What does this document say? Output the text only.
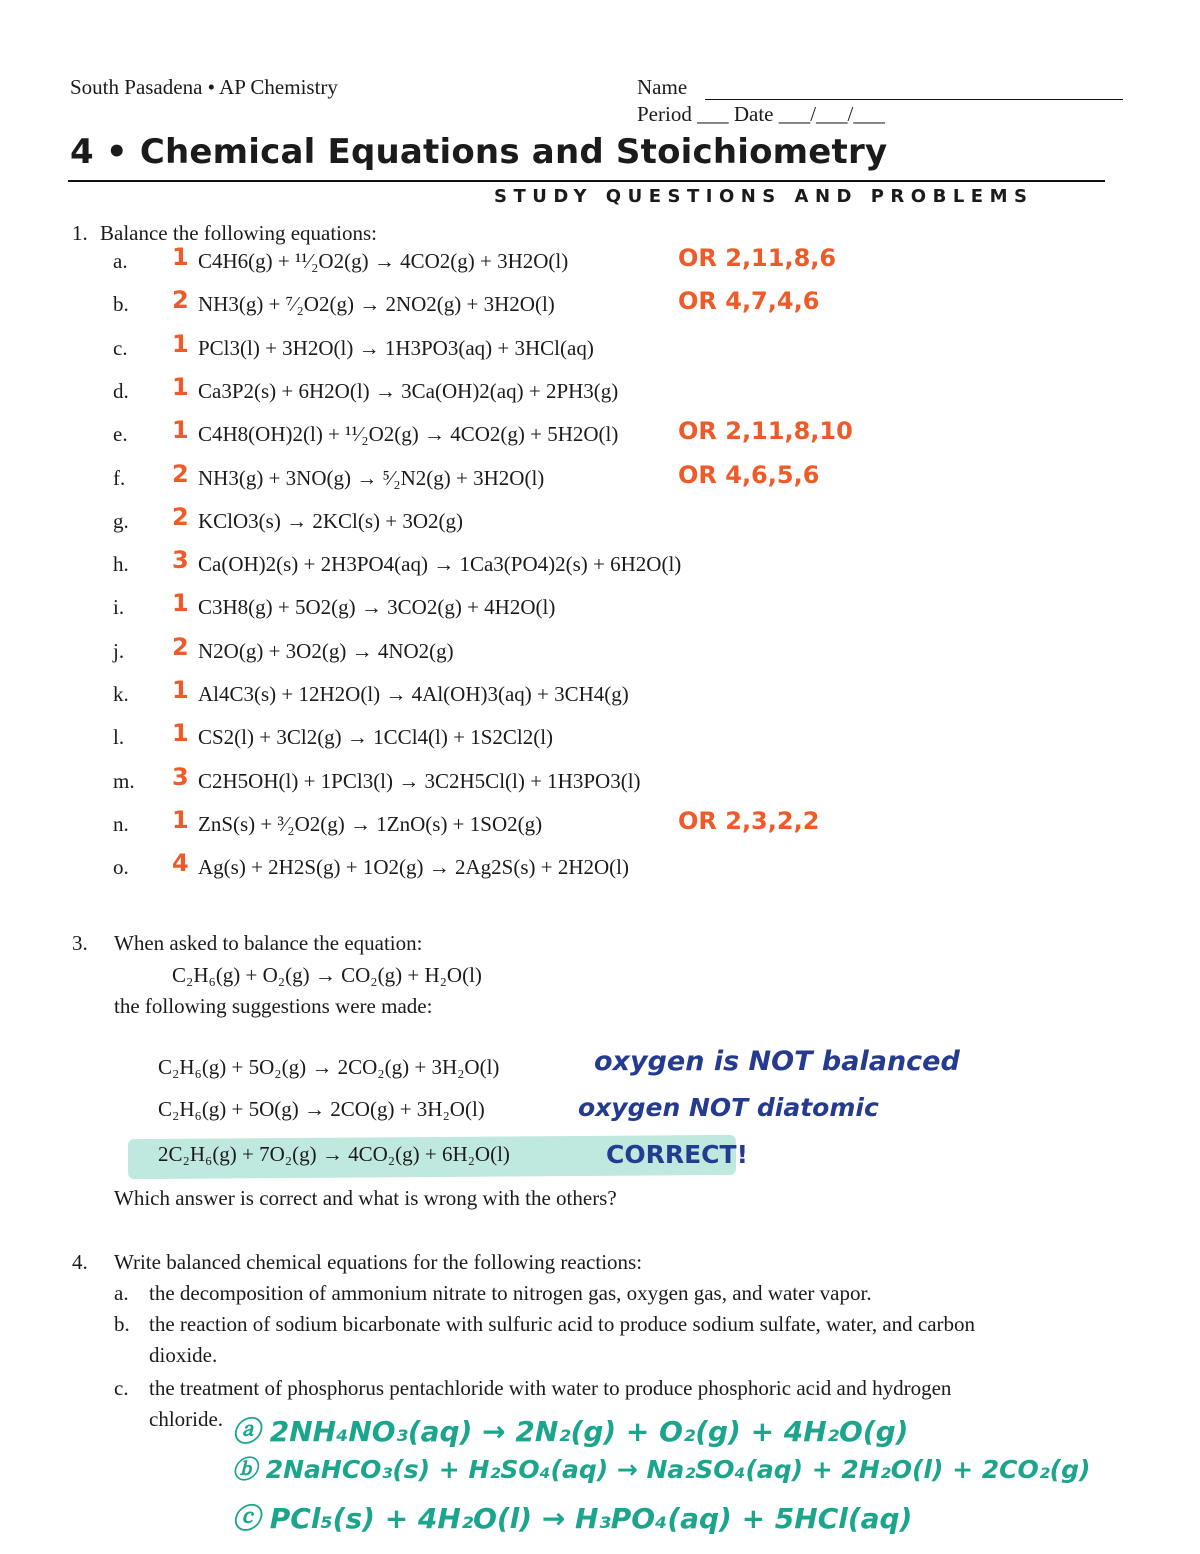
South Pasadena • AP Chemistry	Name
Period ___ Date ___/___/___
4 • Chemical Equations and Stoichiometry
STUDY QUESTIONS AND PROBLEMS
1. Balance the following equations:
a. 1 C4H6(g) + ¹¹⁄₂O2(g) → 4CO2(g) + 3H2O(l)	OR 2,11,8,6
b. 2 NH3(g) + ⁷⁄₂O2(g) → 2NO2(g) + 3H2O(l)	OR 4,7,4,6
c. 1 PCl3(l) + 3H2O(l) → 1H3PO3(aq) + 3HCl(aq)
d. 1 Ca3P2(s) + 6H2O(l) → 3Ca(OH)2(aq) + 2PH3(g)
e. 1 C4H8(OH)2(l) + ¹¹⁄₂O2(g) → 4CO2(g) + 5H2O(l) OR 2,11,8,10
f. 2 NH3(g) + 3NO(g) → ⁵⁄₂N2(g) + 3H2O(l)	OR 4,6,5,6
g. 2 KClO3(s) → 2KCl(s) + 3O2(g)
h. 3 Ca(OH)2(s) + 2H3PO4(aq) → 1Ca3(PO4)2(s) + 6H2O(l)
i. 1 C3H8(g) + 5O2(g) → 3CO2(g) + 4H2O(l)
j. 2 N2O(g) + 3O2(g) → 4NO2(g)
k. 1 Al4C3(s) + 12H2O(l) → 4Al(OH)3(aq) + 3CH4(g)
l. 1 CS2(l) + 3Cl2(g) → 1CCl4(l) + 1S2Cl2(l)
m. 3 C2H5OH(l) + 1PCl3(l) → 3C2H5Cl(l) + 1H3PO3(l)
n. 1 ZnS(s) + ³⁄₂O2(g) → 1ZnO(s) + 1SO2(g)	OR 2,3,2,2
o. 4 Ag(s) + 2H2S(g) + 1O2(g) → 2Ag2S(s) + 2H2O(l)
3. When asked to balance the equation:
C₂H₆(g) + O₂(g) → CO₂(g) + H₂O(l)
the following suggestions were made:
C₂H₆(g) + 5O₂(g) → 2CO₂(g) + 3H₂O(l)	oxygen is NOT balanced
C₂H₆(g) + 5O(g) → 2CO(g) + 3H₂O(l)	oxygen NOT diatomic
2C₂H₆(g) + 7O₂(g) → 4CO₂(g) + 6H₂O(l)	CORRECT!
Which answer is correct and what is wrong with the others?
4. Write balanced chemical equations for the following reactions:
a. the decomposition of ammonium nitrate to nitrogen gas, oxygen gas, and water vapor.
b. the reaction of sodium bicarbonate with sulfuric acid to produce sodium sulfate, water, and carbon
dioxide.
c. the treatment of phosphorus pentachloride with water to produce phosphoric acid and hydrogen
chloride. ⓐ 2NH₄NO₃(aq) → 2N₂(g) + O₂(g) + 4H₂O(g)
ⓑ 2NaHCO₃(s) + H₂SO₄(aq) → Na₂SO₄(aq) + 2H₂O(l) + 2CO₂(g)
ⓒ PCl₅(s) + 4H₂O(l) → H₃PO₄(aq) + 5HCl(aq)
